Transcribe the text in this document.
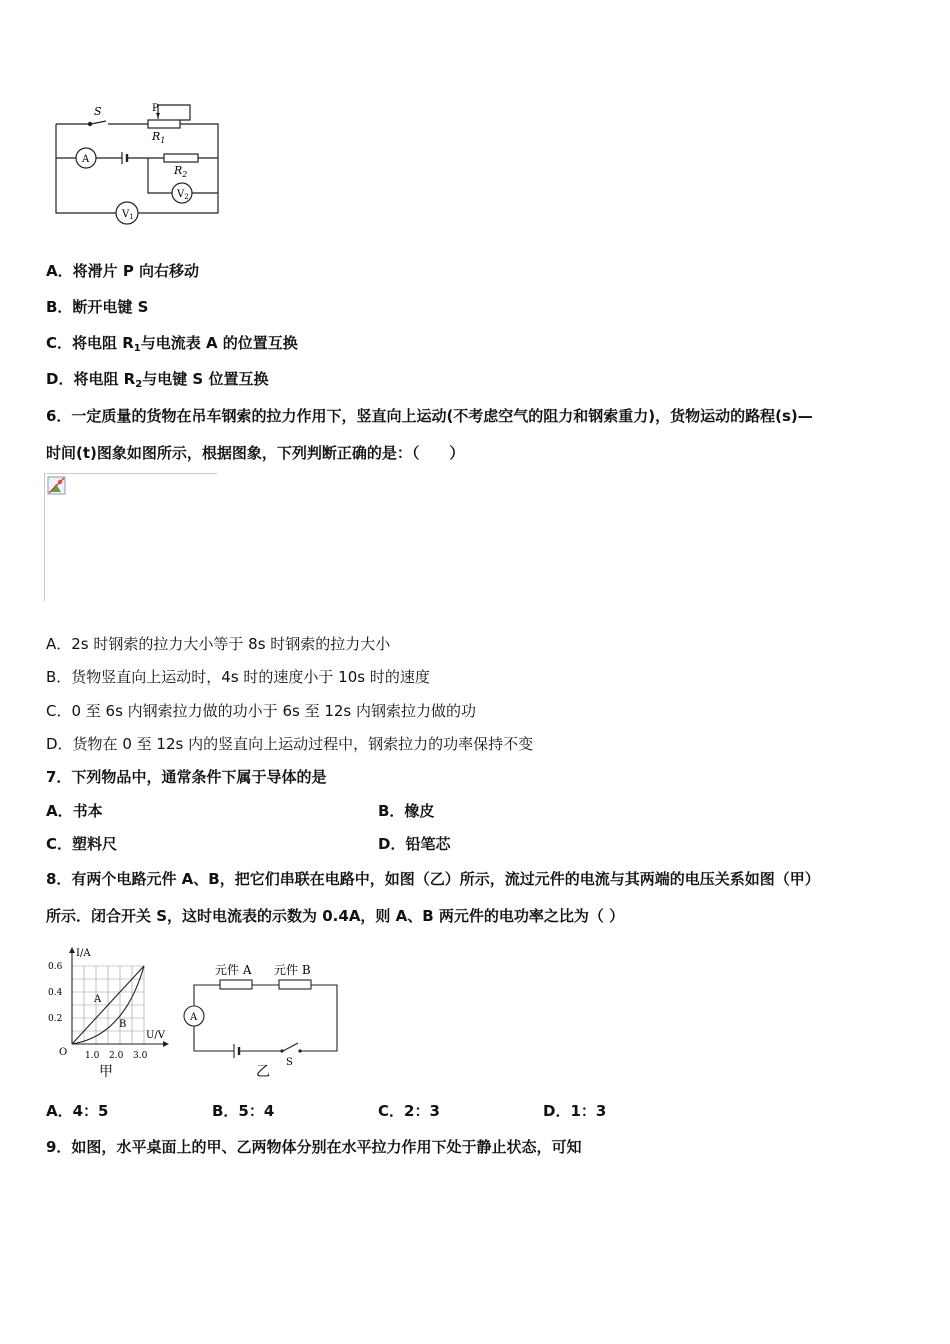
S	P
$R_1$
$R_2$
A
$V_2$
$V_1$
A．将滑片 P 向右移动
B．断开电键 S
C．将电阻 $R_1$与电流表 A 的位置互换
D．将电阻 $R_2$与电键 S 位置互换
6．一定质量的货物在吊车钢索的拉力作用下，竖直向上运动(不考虑空气的阻力和钢索重力)，货物运动的路程(s)—
时间(t)图象如图所示，根据图象，下列判断正确的是：（　　）
A．2s 时钢索的拉力大小等于 8s 时钢索的拉力大小
B．货物竖直向上运动时，4s 时的速度小于 10s 时的速度
C．0 至 6s 内钢索拉力做的功小于 6s 至 12s 内钢索拉力做的功
D．货物在 0 至 12s 内的竖直向上运动过程中，钢索拉力的功率保持不变
7．下列物品中，通常条件下属于导体的是
A．书本	B．橡皮
C．塑料尺	D．铅笔芯
8．有两个电路元件 A、B，把它们串联在电路中，如图（乙）所示，流过元件的电流与其两端的电压关系如图（甲）
所示．闭合开关 S，这时电流表的示数为 0.4A，则 A、B 两元件的电功率之比为（ ）
I/A
U/V
O
0.6
0.4
0.2
1.0 2.0 3.0
A
B
甲
元件 A 元件 B
A
S
乙
A．4：5	B．5：4	C．2：3	D．1：3
9．如图，水平桌面上的甲、乙两物体分别在水平拉力作用下处于静止状态，可知
